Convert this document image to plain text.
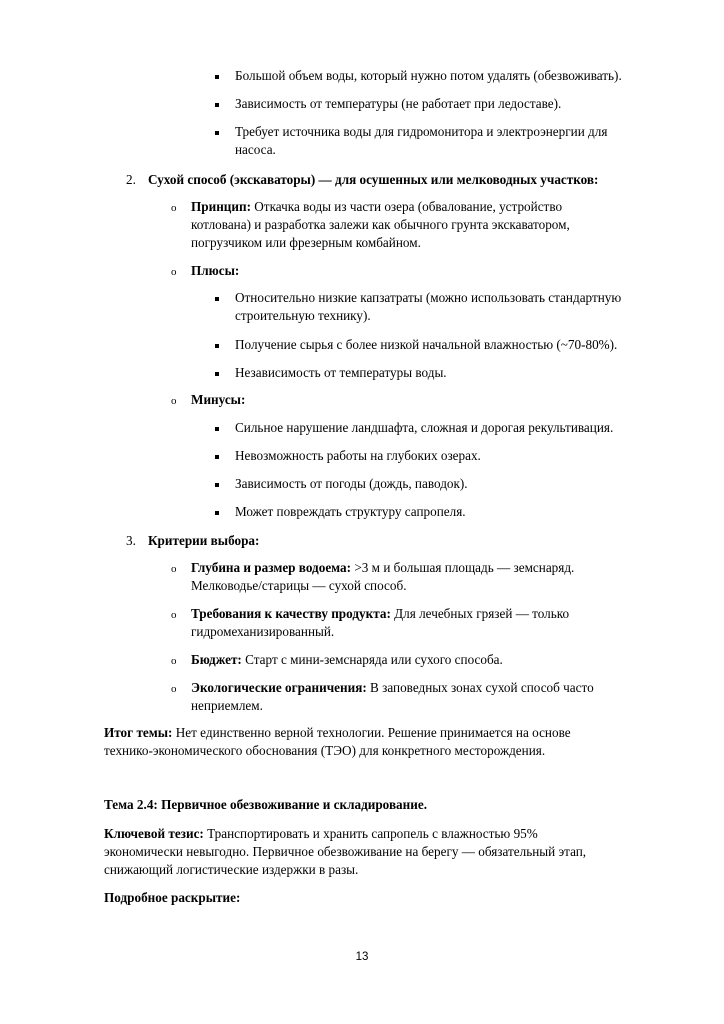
Большой объем воды, который нужно потом удалять (обезвоживать).
Зависимость от температуры (не работает при ледоставе).
Требует источника воды для гидромонитора и электроэнергии для
насоса.
2. Сухой способ (экскаваторы) — для осушенных или мелководных участков:
o Принцип: Откачка воды из части озера (обвалование, устройство
котлована) и разработка залежи как обычного грунта экскаватором,
погрузчиком или фрезерным комбайном.
o Плюсы:
Относительно низкие капзатраты (можно использовать стандартную
строительную технику).
Получение сырья с более низкой начальной влажностью (~70-80%).
Независимость от температуры воды.
o Минусы:
Сильное нарушение ландшафта, сложная и дорогая рекультивация.
Невозможность работы на глубоких озерах.
Зависимость от погоды (дождь, паводок).
Может повреждать структуру сапропеля.
3. Критерии выбора:
o Глубина и размер водоема: >3 м и большая площадь — земснаряд.
Мелководье/старицы — сухой способ.
o Требования к качеству продукта: Для лечебных грязей — только
гидромеханизированный.
o Бюджет: Старт с мини-земснаряда или сухого способа.
o Экологические ограничения: В заповедных зонах сухой способ часто
неприемлем.
Итог темы: Нет единственно верной технологии. Решение принимается на основе
технико-экономического обоснования (ТЭО) для конкретного месторождения.
Тема 2.4: Первичное обезвоживание и складирование.
Ключевой тезис: Транспортировать и хранить сапропель с влажностью 95%
экономически невыгодно. Первичное обезвоживание на берегу — обязательный этап,
снижающий логистические издержки в разы.
Подробное раскрытие:
13
